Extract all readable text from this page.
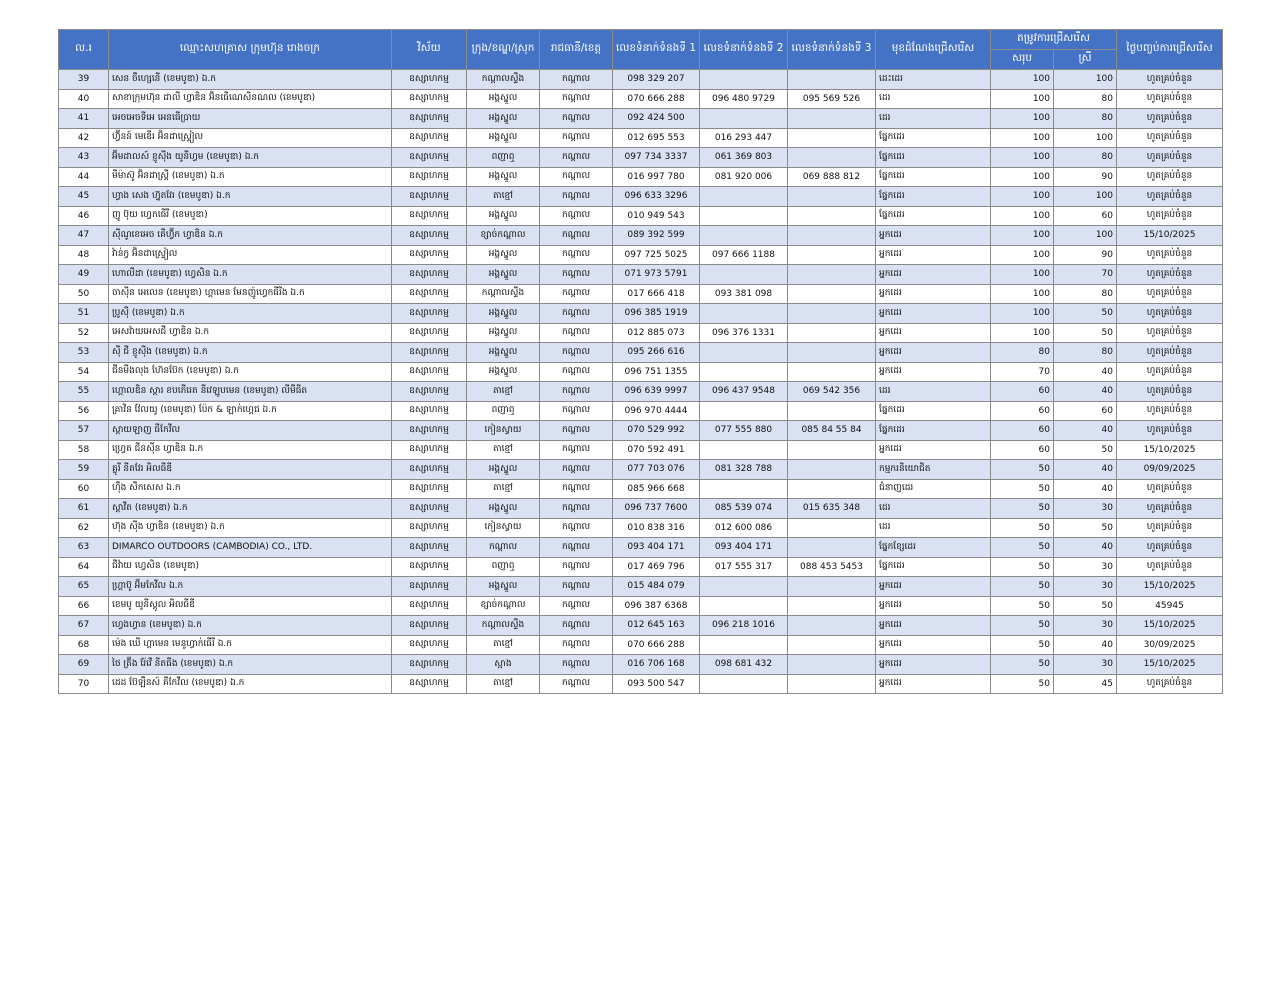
ល.រ	ឈ្មោះសហគ្រាស ក្រុមហ៊ុន រោងចក្រ	វិស័យ	ក្រុង/ខណ្ឌ/ស្រុក	រាជធានី/ខេត្ត	លេខទំនាក់ទំនងទី 1	លេខទំនាក់ទំនងទី 2	លេខទំនាក់ទំនងទី 3	មុខដំណែងជ្រើសរើស	តម្រូវការជ្រើសរើស		ថ្ងៃបញ្ចប់ការជ្រើសរើស
									សរុប	ស្រី	
39	សេន ចឺហ្សេនើ (ខេមបូឌា) ឯ.ក	ឧស្សាហកម្ម	កណ្តាលស្ទឹង	កណ្តាល	098 329 207			ដេះដេរ	100	100	ហូតគ្រប់ចំនួន
40	សាខាក្រុមហ៊ុន ដាលី ហ្វាឌិន អ៊ិនធើណេសិនណល (ខេមបូឌា)	ឧស្សាហកម្ម	អង្គស្នួល	កណ្តាល	070 666 288	096 480 9729	095 569 526	ដេរ	100	80	ហូតគ្រប់ចំនួន
41	អេចអេចទីអេ អេនធើប្រាយ	ឧស្សាហកម្ម	អង្គស្នួល	កណ្តាល	092 424 500			ដេរ	100	80	ហូតគ្រប់ចំនួន
42	ហ្វ៊ីនន៍ មេឌើរ អ៊ិនដាស្ទ្រៀល	ឧស្សាហកម្ម	អង្គស្នួល	កណ្តាល	012 695 553	016 293 447		ផ្នែកដេរ	100	100	ហូតគ្រប់ចំនួន
43	អ៊ីមដាលស៍ ខ្ញូស៊ីង យូនីហ្វម (ខេមបូឌា) ឯ.ក	ឧស្សាហកម្ម	ពញាឮ	កណ្តាល	097 734 3337	061 369 803		ផ្នែកដេរ	100	80	ហូតគ្រប់ចំនួន
44	មីម៉ាស៊ូ អ៊ិនដាស្ត្រី (ខេមបូឌា) ឯ.ក	ឧស្សាហកម្ម	អង្គស្នួល	កណ្តាល	016 997 780	081 920 006	069 888 812	ផ្នែកដេរ	100	90	ហូតគ្រប់ចំនួន
45	ហ្វាង សេង ហ្វ៊ុតវែរ (ខេមបូឌា) ឯ.ក	ឧស្សាហកម្ម	តាខ្មៅ	កណ្តាល	096 633 3296			ផ្នែកដេរ	100	100	ហូតគ្រប់ចំនួន
46	ញូ ប៊ុយ ហ្វេកធើរី (ខេមបូឌា)	ឧស្សាហកម្ម	អង្គស្នួល	កណ្តាល	010 949 543			ផ្នែកដេរ	100	60	ហូតគ្រប់ចំនួន
47	ស៊ីណូខេអេច គើហ្វ៊ីក ហ្វាឌិន ឯ.ក	ឧស្សាហកម្ម	ខ្សាច់កណ្តាល	កណ្តាល	089 392 599			អ្នកដេរ	100	100	15/10/2025
48	វ៉ាន់ក្វ អ៊ិនដាស្ទ្រៀល	ឧស្សាហកម្ម	អង្គស្នួល	កណ្តាល	097 725 5025	097 666 1188		អ្នកដេរ	100	90	ហូតគ្រប់ចំនួន
49	ហោលីដា (ខេមបូឌា) ហ្វេសិន ឯ.ក	ឧស្សាហកម្ម	អង្គស្នួល	កណ្តាល	071 973 5791			អ្នកដេរ	100	70	ហូតគ្រប់ចំនួន
50	ចាស៊ីន អេលេន (ខេមបូឌា) ហ្គាមេន មែនញ៉ូហ្វេកធីរីង ឯ.ក	ឧស្សាហកម្ម	កណ្តាលស្ទឹង	កណ្តាល	017 666 418	093 381 098		អ្នកដេរ	100	80	ហូតគ្រប់ចំនួន
51	ប្រូស៊ី (ខេមបូឌា) ឯ.ក	ឧស្សាហកម្ម	អង្គស្នួល	កណ្តាល	096 385 1919			អ្នកដេរ	100	50	ហូតគ្រប់ចំនួន
52	អេសវ៉ាយអេសជី ហ្វាឌិន ឯ.ក	ឧស្សាហកម្ម	អង្គស្នួល	កណ្តាល	012 885 073	096 376 1331		អ្នកដេរ	100	50	ហូតគ្រប់ចំនួន
53	ស៊ី ជី ខ្ញូស៊ីង (ខេមបូឌា) ឯ.ក	ឧស្សាហកម្ម	អង្គស្នួល	កណ្តាល	095 266 616			អ្នកដេរ	80	80	ហូតគ្រប់ចំនួន
54	ជីនមីងលុង ហ៊ែនប៊ែក (ខេមបូឌា) ឯ.ក	ឧស្សាហកម្ម	អង្គស្នួល	កណ្តាល	096 751 1355			អ្នកដេរ	70	40	ហូតគ្រប់ចំនួន
55	ហ្គោលឌិន ស្តារ ខបភើរេត នីវេឡូបមេន (ខេមបូឌា) លីមីធីត	ឧស្សាហកម្ម	តាខ្មៅ	កណ្តាល	096 639 9997	096 437 9548	069 542 356	ដេរ	60	40	ហូតគ្រប់ចំនួន
56	គ្រាវិន វ៉ែលយូ (ខេមបូឌា) ប៉ែក & ឡាក់ហ្គេជ ឯ.ក	ឧស្សាហកម្ម	ពញាឮ	កណ្តាល	096 970 4444			ផ្នែកដេរ	60	60	ហូតគ្រប់ចំនួន
57	ស្តាយឡាញ ធីកែវីល	ឧស្សាហកម្ម	កៀនស្វាយ	កណ្តាល	070 529 992	077 555 880	085 84 55 84	ផ្នែកដេរ	60	40	ហូតគ្រប់ចំនួន
58	ហ្វ្រេត ជីនស៊ីន ហ្វាឌិន ឯ.ក	ឧស្សាហកម្ម	តាខ្មៅ	កណ្តាល	070 592 491			អ្នកដេរ	60	50	15/10/2025
59	គ្លូរី នីតវែរ អិលធីឌី	ឧស្សាហកម្ម	អង្គស្នួល	កណ្តាល	077 703 076	081 328 788		កម្មករនិយោជិត	50	40	09/09/2025
60	ហ៊ឹង សឹកសេស ឯ.ក	ឧស្សាហកម្ម	តាខ្មៅ	កណ្តាល	085 966 668			ជំនាញដេរ	50	40	ហូតគ្រប់ចំនួន
61	ស្តាវីត (ខេមបូឌា) ឯ.ក	ឧស្សាហកម្ម	អង្គស្នួល	កណ្តាល	096 737 7600	085 539 074	015 635 348	ដេរ	50	30	ហូតគ្រប់ចំនួន
62	ហ៊ុង ស៊ីង ហ្វាឌិន (ខេមបូឌា) ឯ.ក	ឧស្សាហកម្ម	កៀនស្វាយ	កណ្តាល	010 838 316	012 600 086		ដេរ	50	50	ហូតគ្រប់ចំនួន
63	DIMARCO OUTDOORS (CAMBODIA) CO., LTD.	ឧស្សាហកម្ម	កណ្តាល	កណ្តាល	093 404 171	093 404 171		ផ្នែកខ្សែដេរ	50	40	ហូតគ្រប់ចំនួន
64	ជីវ៉ាយ ហ្វេសិន (ខេមបូឌា)	ឧស្សាហកម្ម	ពញាឮ	កណ្តាល	017 469 796	017 555 317	088 453 5453	ផ្នែកដេរ	50	30	ហូតគ្រប់ចំនួន
65	ហ្គ្រាប៊ូ អ៊ីមកែវីល ឯ.ក	ឧស្សាហកម្ម	អង្គស្នួល	កណ្តាល	015 484 079			អ្នកដេរ	50	30	15/10/2025
66	ខេមបូ យូនីស្តូល អិលធីឌី	ឧស្សាហកម្ម	ខ្សាច់កណ្តាល	កណ្តាល	096 387 6368			អ្នកដេរ	50	50	45945
67	ហ្វេងហ្វាន (ខេមបូឌា) ឯ.ក	ឧស្សាហកម្ម	កណ្តាលស្ទឹង	កណ្តាល	012 645 163	096 218 1016		អ្នកដេរ	50	30	15/10/2025
68	ម៉េង ឃើ ហ្គាមេន មេនូហ្វាក់ធើរី ឯ.ក	ឧស្សាហកម្ម	តាខ្មៅ	កណ្តាល	070 666 288			អ្នកដេរ	50	40	30/09/2025
69	ថៃ ត្រ៊ីង រ៉ែវើ នីតធីង (ខេមបូឌា) ឯ.ក	ឧស្សាហកម្ម	ស្អាង	កណ្តាល	016 706 168	098 681 432		អ្នកដេរ	50	30	15/10/2025
70	ដេដ ប៊ែឡឺនស៍ គីកែវីល (ខេមបូឌា) ឯ.ក	ឧស្សាហកម្ម	តាខ្មៅ	កណ្តាល	093 500 547			អ្នកដេរ	50	45	ហូតគ្រប់ចំនួន
